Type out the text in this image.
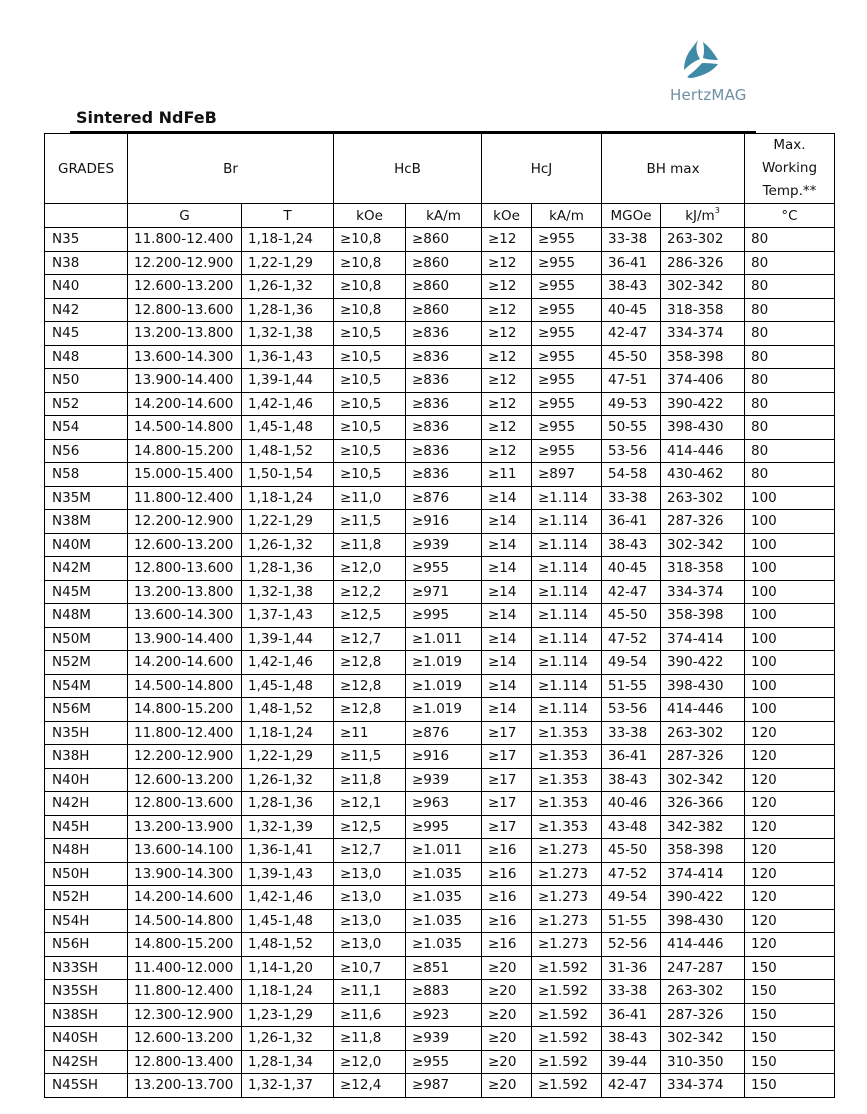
HertzMAG
Sintered NdFeB
GRADES	Br		HcB		HcJ		BH max		Max.
Working
Temp.**

	G	T	kOe	kA/m	kOe	kA/m	MGOe	$kJ/m^3$	°C
N35	11.800-12.400	1,18-1,24	≥10,8	≥860	≥12	≥955	33-38	263-302	80
N38	12.200-12.900	1,22-1,29	≥10,8	≥860	≥12	≥955	36-41	286-326	80
N40	12.600-13.200	1,26-1,32	≥10,8	≥860	≥12	≥955	38-43	302-342	80
N42	12.800-13.600	1,28-1,36	≥10,8	≥860	≥12	≥955	40-45	318-358	80
N45	13.200-13.800	1,32-1,38	≥10,5	≥836	≥12	≥955	42-47	334-374	80
N48	13.600-14.300	1,36-1,43	≥10,5	≥836	≥12	≥955	45-50	358-398	80
N50	13.900-14.400	1,39-1,44	≥10,5	≥836	≥12	≥955	47-51	374-406	80
N52	14.200-14.600	1,42-1,46	≥10,5	≥836	≥12	≥955	49-53	390-422	80
N54	14.500-14.800	1,45-1,48	≥10,5	≥836	≥12	≥955	50-55	398-430	80
N56	14.800-15.200	1,48-1,52	≥10,5	≥836	≥12	≥955	53-56	414-446	80
N58	15.000-15.400	1,50-1,54	≥10,5	≥836	≥11	≥897	54-58	430-462	80
N35M	11.800-12.400	1,18-1,24	≥11,0	≥876	≥14	≥1.114	33-38	263-302	100
N38M	12.200-12.900	1,22-1,29	≥11,5	≥916	≥14	≥1.114	36-41	287-326	100
N40M	12.600-13.200	1,26-1,32	≥11,8	≥939	≥14	≥1.114	38-43	302-342	100
N42M	12.800-13.600	1,28-1,36	≥12,0	≥955	≥14	≥1.114	40-45	318-358	100
N45M	13.200-13.800	1,32-1,38	≥12,2	≥971	≥14	≥1.114	42-47	334-374	100
N48M	13.600-14.300	1,37-1,43	≥12,5	≥995	≥14	≥1.114	45-50	358-398	100
N50M	13.900-14.400	1,39-1,44	≥12,7	≥1.011	≥14	≥1.114	47-52	374-414	100
N52M	14.200-14.600	1,42-1,46	≥12,8	≥1.019	≥14	≥1.114	49-54	390-422	100
N54M	14.500-14.800	1,45-1,48	≥12,8	≥1.019	≥14	≥1.114	51-55	398-430	100
N56M	14.800-15.200	1,48-1,52	≥12,8	≥1.019	≥14	≥1.114	53-56	414-446	100
N35H	11.800-12.400	1,18-1,24	≥11	≥876	≥17	≥1.353	33-38	263-302	120
N38H	12.200-12.900	1,22-1,29	≥11,5	≥916	≥17	≥1.353	36-41	287-326	120
N40H	12.600-13.200	1,26-1,32	≥11,8	≥939	≥17	≥1.353	38-43	302-342	120
N42H	12.800-13.600	1,28-1,36	≥12,1	≥963	≥17	≥1.353	40-46	326-366	120
N45H	13.200-13.900	1,32-1,39	≥12,5	≥995	≥17	≥1.353	43-48	342-382	120
N48H	13.600-14.100	1,36-1,41	≥12,7	≥1.011	≥16	≥1.273	45-50	358-398	120
N50H	13.900-14.300	1,39-1,43	≥13,0	≥1.035	≥16	≥1.273	47-52	374-414	120
N52H	14.200-14.600	1,42-1,46	≥13,0	≥1.035	≥16	≥1.273	49-54	390-422	120
N54H	14.500-14.800	1,45-1,48	≥13,0	≥1.035	≥16	≥1.273	51-55	398-430	120
N56H	14.800-15.200	1,48-1,52	≥13,0	≥1.035	≥16	≥1.273	52-56	414-446	120
N33SH	11.400-12.000	1,14-1,20	≥10,7	≥851	≥20	≥1.592	31-36	247-287	150
N35SH	11.800-12.400	1,18-1,24	≥11,1	≥883	≥20	≥1.592	33-38	263-302	150
N38SH	12.300-12.900	1,23-1,29	≥11,6	≥923	≥20	≥1.592	36-41	287-326	150
N40SH	12.600-13.200	1,26-1,32	≥11,8	≥939	≥20	≥1.592	38-43	302-342	150
N42SH	12.800-13.400	1,28-1,34	≥12,0	≥955	≥20	≥1.592	39-44	310-350	150
N45SH	13.200-13.700	1,32-1,37	≥12,4	≥987	≥20	≥1.592	42-47	334-374	150
